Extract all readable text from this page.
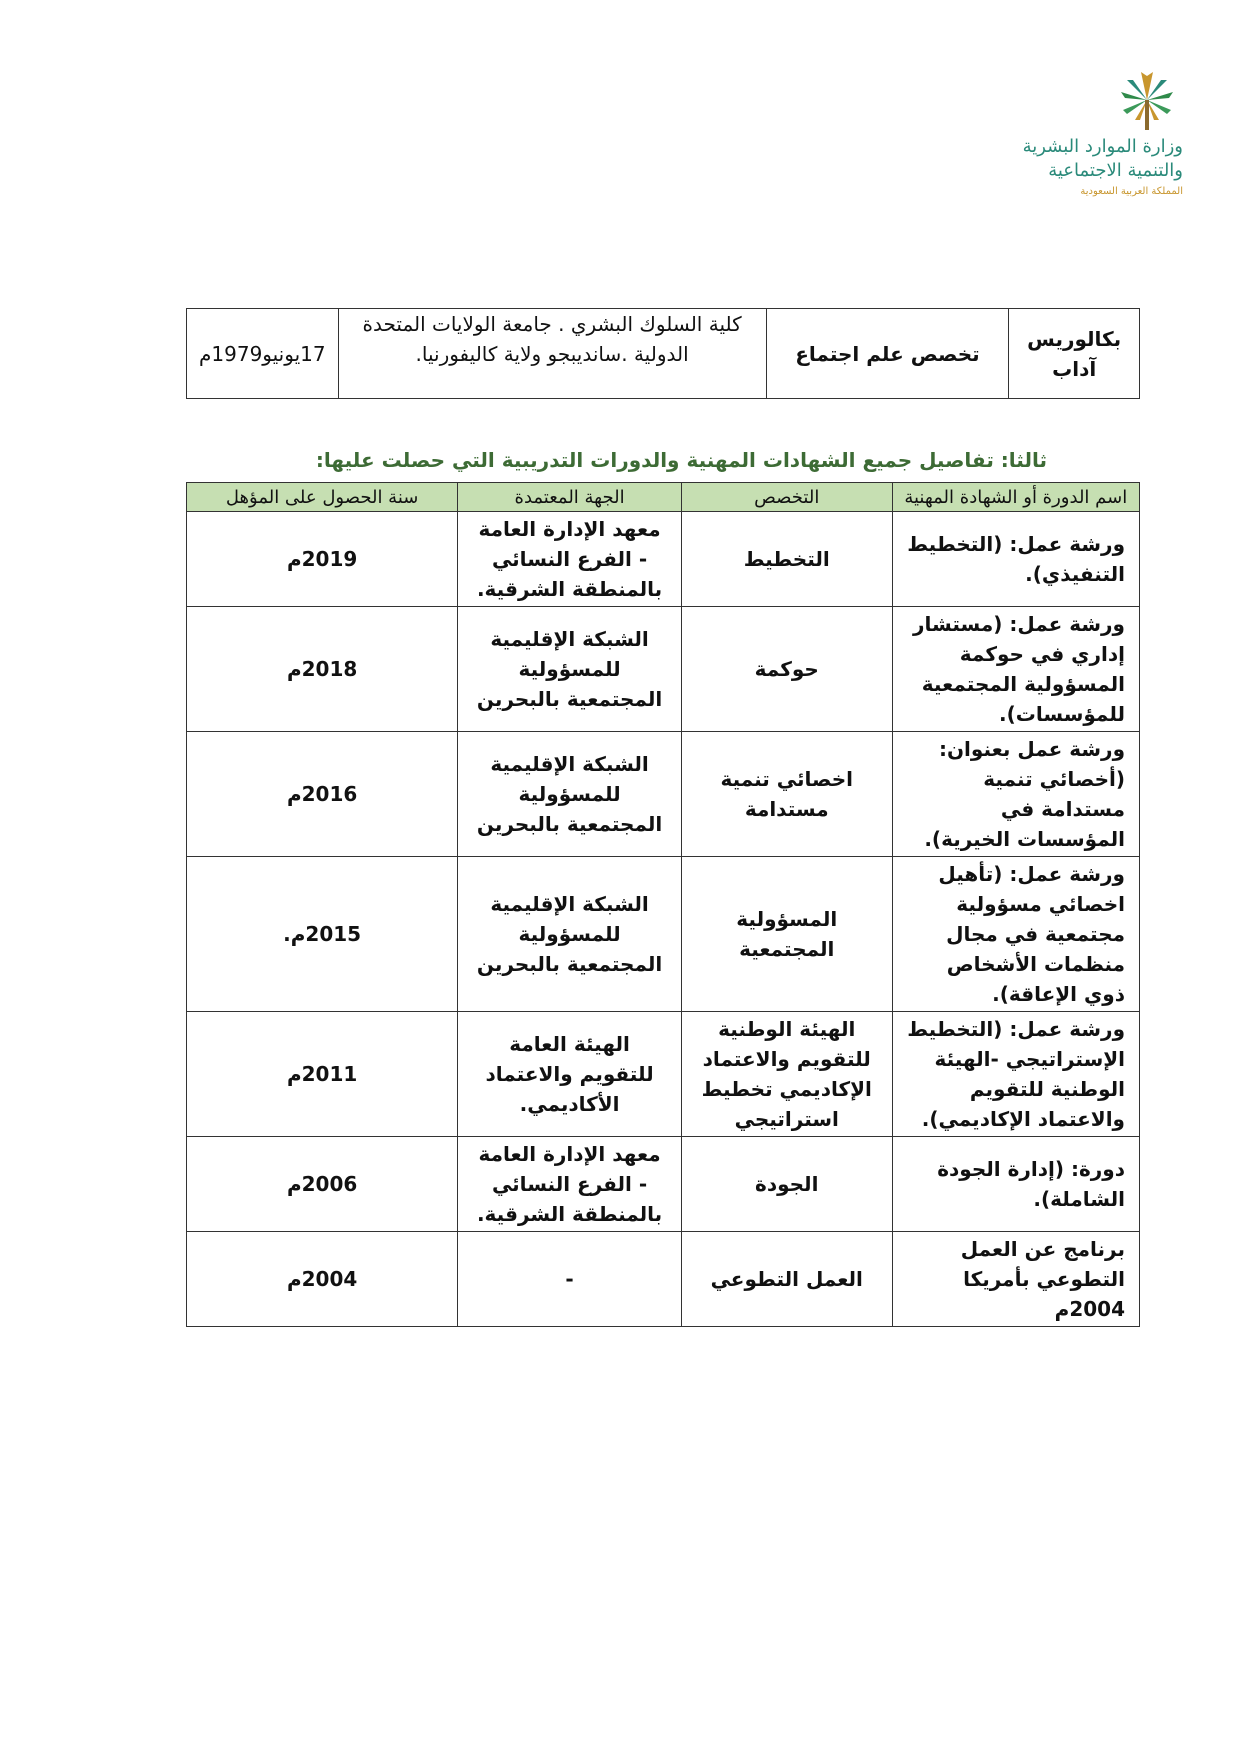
وزارة الموارد البشرية
والتنمية الاجتماعية
المملكة العربية السعودية
بكالوريس آداب	تخصص علم اجتماع	كلية السلوك البشري . جامعة الولايات المتحدة الدولية .سانديبجو ولاية كاليفورنيا.	17يونيو1979م
ثالثا: تفاصيل جميع الشهادات المهنية والدورات التدريبية التي حصلت عليها:
اسم الدورة أو الشهادة المهنية	التخصص	الجهة المعتمدة	سنة الحصول على المؤهل
ورشة عمل: (التخطيط التنفيذي).	التخطيط	معهد الإدارة العامة - الفرع النسائي بالمنطقة الشرقية.	2019م
ورشة عمل: (مستشار إداري في حوكمة المسؤولية المجتمعية للمؤسسات).	حوكمة	الشبكة الإقليمية للمسؤولية المجتمعية بالبحرين	2018م
ورشة عمل بعنوان: (أخصائي تنمية مستدامة في المؤسسات الخيرية).	اخصائي تنمية مستدامة	الشبكة الإقليمية للمسؤولية المجتمعية بالبحرين	2016م
ورشة عمل: (تأهيل اخصائي مسؤولية مجتمعية في مجال منظمات الأشخاص ذوي الإعاقة).	المسؤولية المجتمعية	الشبكة الإقليمية للمسؤولية المجتمعية بالبحرين	2015م.
ورشة عمل: (التخطيط الإستراتيجي -الهيئة الوطنية للتقويم والاعتماد الإكاديمي).	الهيئة الوطنية للتقويم والاعتماد الإكاديمي تخطيط استراتيجي	الهيئة العامة للتقويم والاعتماد الأكاديمي.	2011م
دورة: (إدارة الجودة الشاملة).	الجودة	معهد الإدارة العامة - الفرع النسائي بالمنطقة الشرقية.	2006م
برنامج عن العمل التطوعي بأمريكا 2004م	العمل التطوعي	-	2004م
